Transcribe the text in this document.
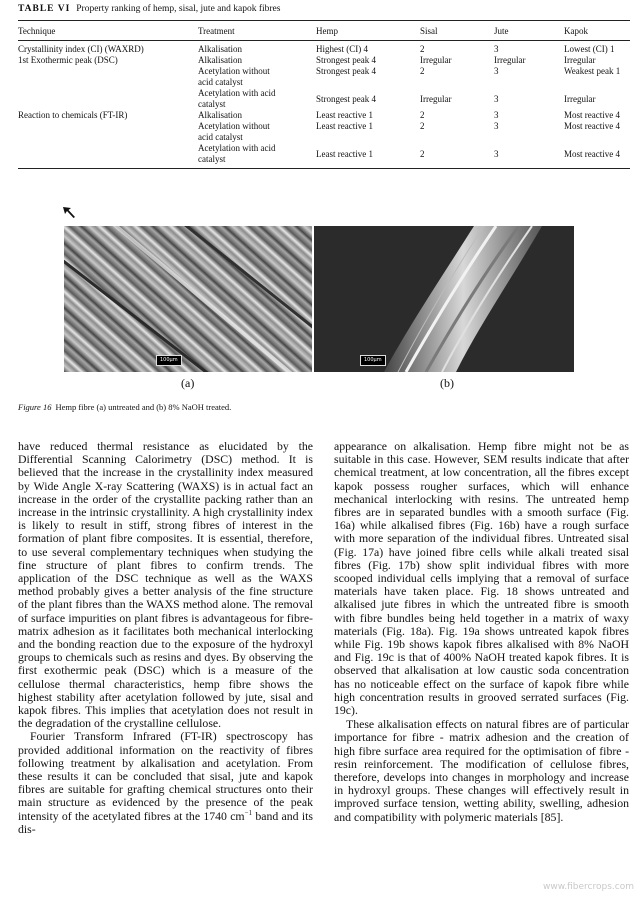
TABLE VI Property ranking of hemp, sisal, jute and kapok fibres
Technique	Treatment	Hemp	Sisal	Jute	Kapok
Crystallinity index (CI) (WAXRD)	Alkalisation	Highest (CI) 4	2	3	Lowest (CI) 1
1st Exothermic peak (DSC)	Alkalisation	Strongest peak 4	Irregular	Irregular	Irregular
	Acetylation without acid catalyst	Strongest peak 4	2	3	Weakest peak 1
	Acetylation with acid catalyst	Strongest peak 4	Irregular	3	Irregular
Reaction to chemicals (FT-IR)	Alkalisation	Least reactive 1	2	3	Most reactive 4
	Acetylation without acid catalyst	Least reactive 1	2	3	Most reactive 4
	Acetylation with acid catalyst	Least reactive 1	2	3	Most reactive 4
100μm	100μm
(a)	(b)
Figure 16 Hemp fibre (a) untreated and (b) 8% NaOH treated.

have reduced thermal resistance as elucidated by the Differential Scanning Calorimetry (DSC) method. It is believed that the increase in the crystallinity index measured by Wide Angle X-ray Scattering (WAXS) is in actual fact an increase in the order of the crystallite packing rather than an increase in the intrinsic crystallinity. A high crystallinity index is likely to result in stiff, strong fibres of interest in the formation of plant fibre composites. It is essential, therefore, to use several complementary techniques when studying the fine structure of plant fibres to confirm trends. The application of the DSC technique as well as the WAXS method probably gives a better analysis of the fine structure of the plant fibres than the WAXS method alone. The removal of surface impurities on plant fibres is advantageous for fibre-matrix adhesion as it facilitates both mechanical interlocking and the bonding reaction due to the exposure of the hydroxyl groups to chemicals such as resins and dyes. By observing the first exothermic peak (DSC) which is a measure of the cellulose thermal characteristics, hemp fibre shows the highest stability after acetylation followed by jute, sisal and kapok fibres. This implies that acetylation does not result in the degradation of the crystalline cellulose.

Fourier Transform Infrared (FT-IR) spectroscopy has provided additional information on the reactivity of fibres following treatment by alkalisation and acetylation. From these results it can be concluded that sisal, jute and kapok fibres are suitable for grafting chemical structures onto their main structure as evidenced by the presence of the peak intensity of the acetylated fibres at the 1740 $cm^{-1}$ band and its dis-

appearance on alkalisation. Hemp fibre might not be as suitable in this case. However, SEM results indicate that after chemical treatment, at low concentration, all the fibres except kapok possess rougher surfaces, which will enhance mechanical interlocking with resins. The untreated hemp fibres are in separated bundles with a smooth surface (Fig. 16a) while alkalised fibres (Fig. 16b) have a rough surface with more separation of the individual fibres. Untreated sisal (Fig. 17a) have joined fibre cells while alkali treated sisal fibres (Fig. 17b) show split individual fibres with more scooped individual cells implying that a removal of surface materials have taken place. Fig. 18 shows untreated and alkalised jute fibres in which the untreated fibre is smooth with fibre bundles being held together in a matrix of waxy materials (Fig. 18a). Fig. 19a shows untreated kapok fibres while Fig. 19b shows kapok fibres alkalised with 8% NaOH and Fig. 19c is that of 400% NaOH treated kapok fibres. It is observed that alkalisation at low caustic soda concentration has no noticeable effect on the surface of kapok fibre while high concentration results in grooved serrated surfaces (Fig. 19c).

These alkalisation effects on natural fibres are of particular importance for fibre - matrix adhesion and the creation of high fibre surface area required for the optimisation of fibre - resin reinforcement. The modification of cellulose fibres, therefore, develops into changes in morphology and increase in hydroxyl groups. These changes will effectively result in improved surface tension, wetting ability, swelling, adhesion and compatibility with polymeric materials [85].

www.fibercrops.com
